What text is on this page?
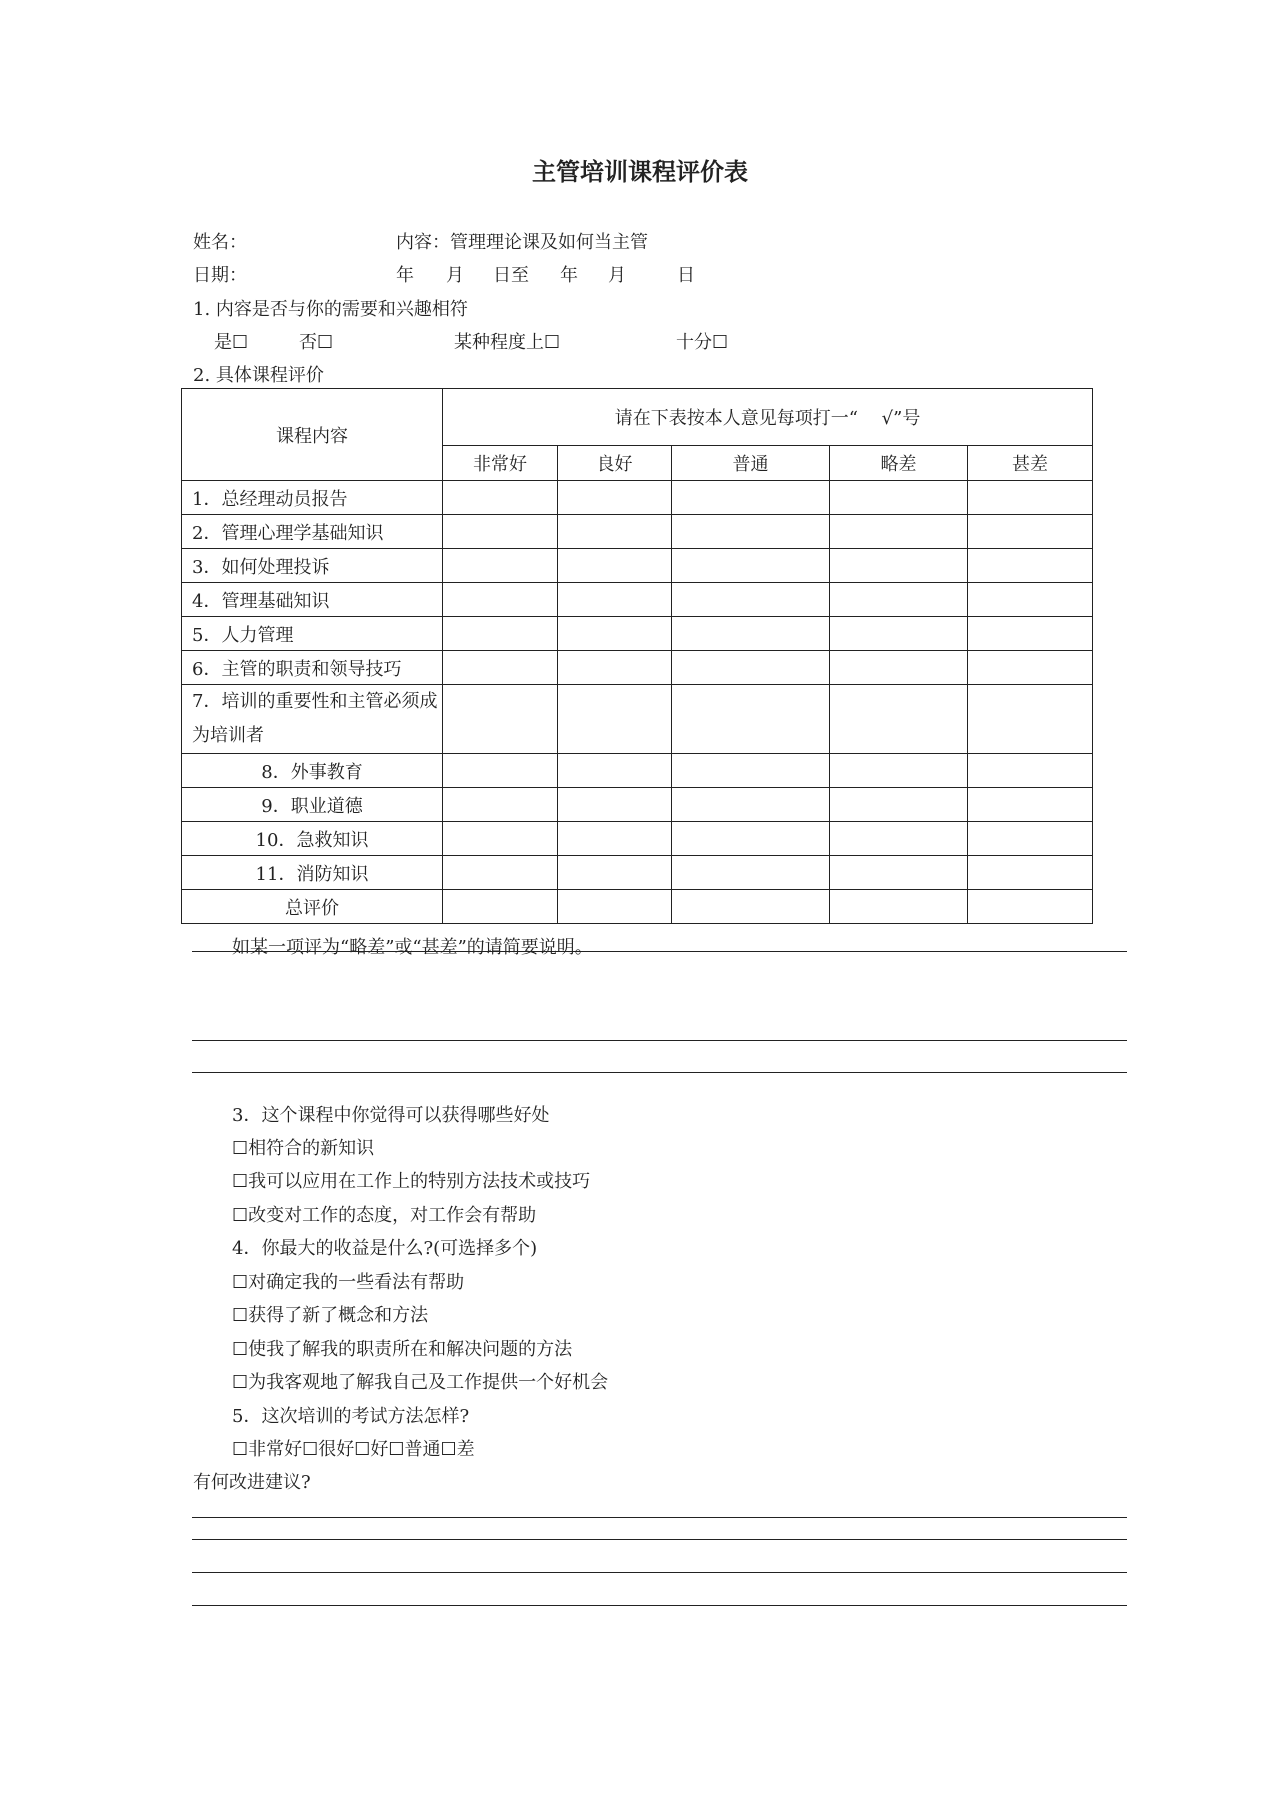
主管培训课程评价表
姓名：	内容：管理理论课及如何当主管
日期：	年 月 日至 年 月	日
1. 内容是否与你的需要和兴趣相符
是☐	否☐	某种程度上☐	十分☐
2. 具体课程评价
课程内容	请在下表按本人意见每项打一“　 √”号				
	非常好	良好	普通	略差	甚差
1．总经理动员报告					
2．管理心理学基础知识					
3．如何处理投诉					
4．管理基础知识					
5．人力管理					
6．主管的职责和领导技巧					
7．培训的重要性和主管必须成为培训者					
8．外事教育					
9．职业道德					
10．急救知识					
11．消防知识					
总评价					
如某一项评为“略差”或“甚差”的请简要说明。
3．这个课程中你觉得可以获得哪些好处
☐相符合的新知识
☐我可以应用在工作上的特别方法技术或技巧
☐改变对工作的态度，对工作会有帮助
4．你最大的收益是什么?(可选择多个)
☐对确定我的一些看法有帮助
☐获得了新了概念和方法
☐使我了解我的职责所在和解决问题的方法
☐为我客观地了解我自己及工作提供一个好机会
5．这次培训的考试方法怎样?
☐非常好☐很好☐好☐普通☐差
有何改进建议?
